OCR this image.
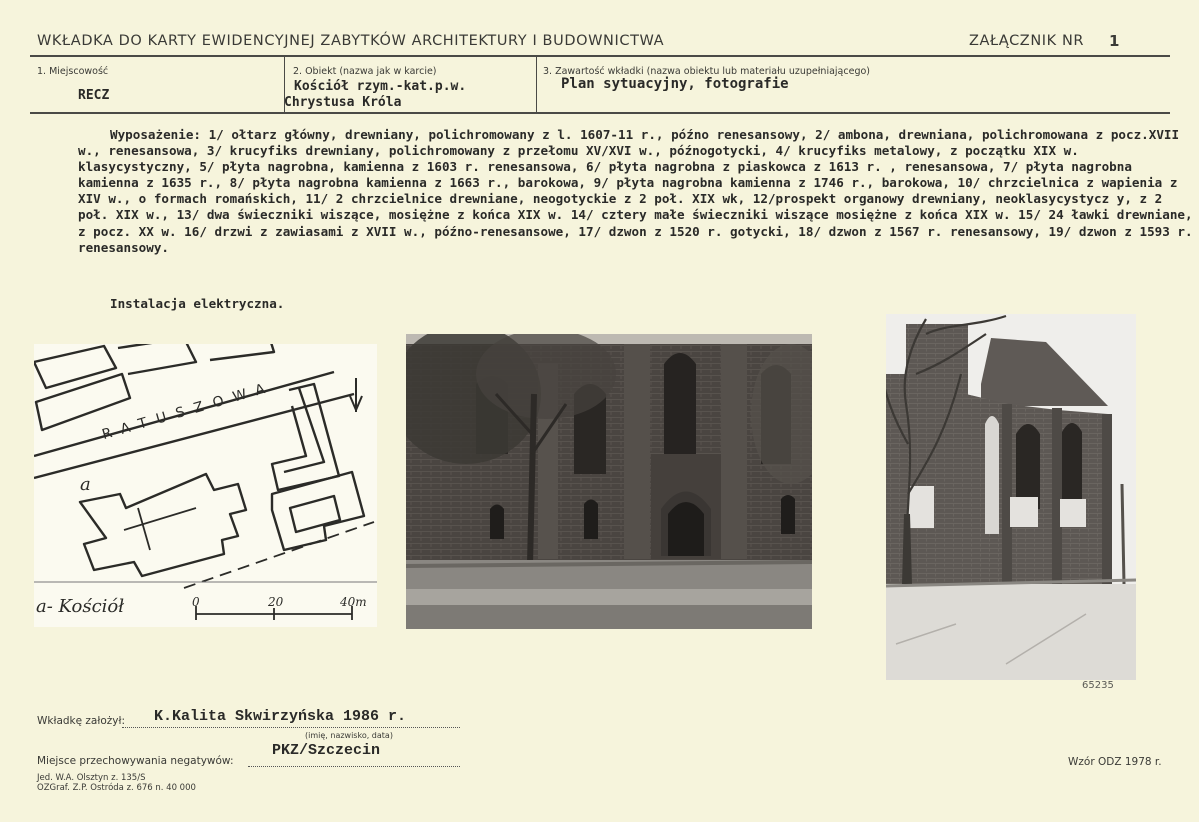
WKŁADKA DO KARTY EWIDENCYJNEJ ZABYTKÓW ARCHITEKTURY I BUDOWNICTWA	ZAŁĄCZNIK NR 1
1. Miejscowość
RECZ
2. Obiekt (nazwa jak w karcie)
Kościół rzym.-kat.p.w.
Chrystusa Króla
3. Zawartość wkładki (nazwa obiektu lub materiału uzupełniającego)
Plan sytuacyjny, fotografie
Wyposażenie: 1/ ołtarz główny, drewniany, polichromowany z l. 1607-11 r., późno renesansowy, 2/ ambona, drewniana, polichromowana z pocz.XVII w., renesansowa, 3/ krucyfiks drewniany, polichromowany z przełomu XV/XVI w., późnogotycki, 4/ krucyfiks metalowy, z początku XIX w. klasycystyczny, 5/ płyta nagrobna, kamienna z 1603 r. renesansowa, 6/ płyta nagrobna z piaskowca z 1613 r. , renesansowa, 7/ płyta nagrobna kamienna z 1635 r., 8/ płyta nagrobna kamienna z 1663 r., barokowa, 9/ płyta nagrobna kamienna z 1746 r., barokowa, 10/ chrzcielnica z wapienia z XIV w., o formach romańskich, 11/ 2 chrzcielnice drewniane, neogotyckie z 2 poł. XIX wk, 12/prospekt organowy drewniany, neoklasycystycz y, z 2 poł. XIX w., 13/ dwa świeczniki wiszące, mosiężne z końca XIX w. 14/ cztery małe świeczniki wiszące mosiężne z końca XIX w. 15/ 24 ławki drewniane, z pocz. XX w. 16/ drzwi z zawiasami z XVII w., późno-renesansowe, 17/ dzwon z 1520 r. gotycki, 18/ dzwon z 1567 r. renesansowy, 19/ dzwon z 1593 r. renesansowy.
Instalacja elektryczna.
RATUSZOWA
a
a- Kościół	0	20	40m
65235
Wkładkę założył: K.Kalita Skwirzyńska 1986 r.
(imię, nazwisko, data)
Miejsce przechowywania negatywów:
PKZ/Szczecin
Jed. W.A. Olsztyn z. 135/S
OZGraf. Z.P. Ostróda z. 676 n. 40 000
Wzór ODZ 1978 r.
